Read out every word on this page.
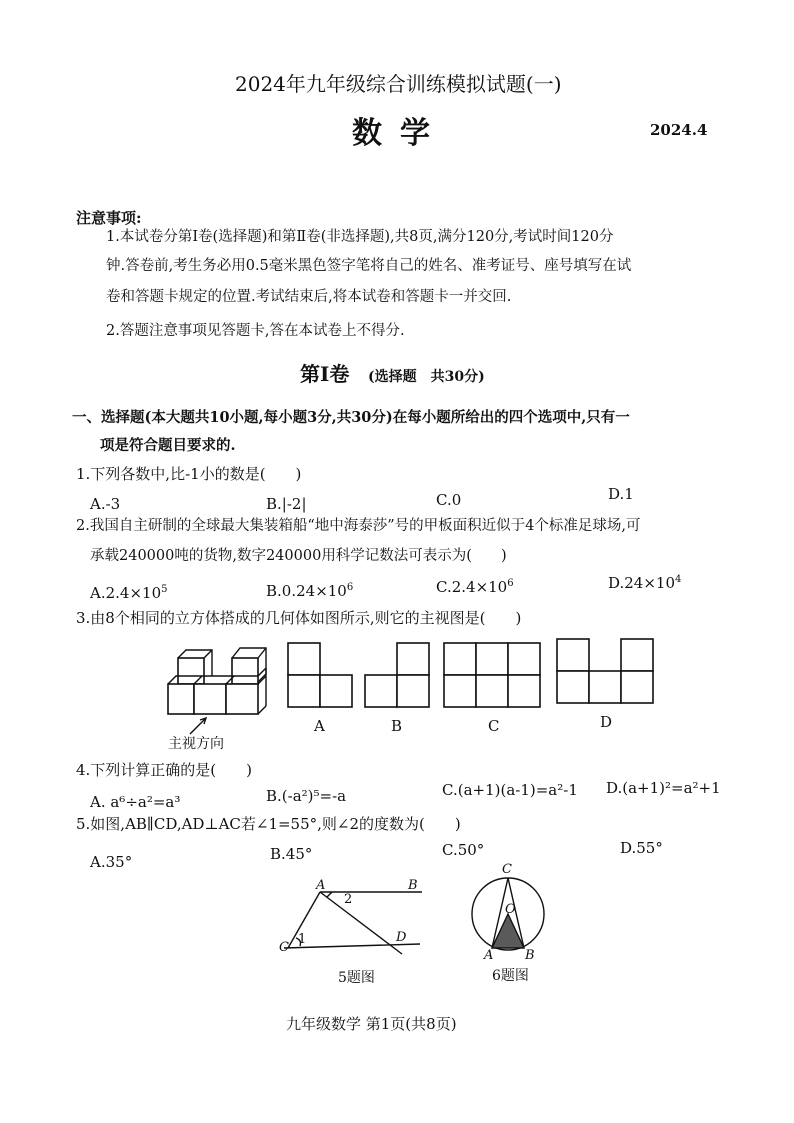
2024年九年级综合训练模拟试题(一)
数学	2024.4
注意事项:
1.本试卷分第Ⅰ卷(选择题)和第Ⅱ卷(非选择题),共8页,满分120分,考试时间120分
钟.答卷前,考生务必用0.5毫米黑色签字笔将自己的姓名、准考证号、座号填写在试
卷和答题卡规定的位置.考试结束后,将本试卷和答题卡一并交回.
2.答题注意事项见答题卡,答在本试卷上不得分.
第Ⅰ卷 (选择题　共30分)
一、选择题(本大题共10小题,每小题3分,共30分)在每小题所给出的四个选项中,只有一
项是符合题目要求的.
1.下列各数中,比-1小的数是(　　)
A.-3	B.|-2|	C.0	D.1
2.我国自主研制的全球最大集装箱船“地中海泰莎”号的甲板面积近似于4个标准足球场,可
承载240000吨的货物,数字240000用科学记数法可表示为(　　)
$A.2.4\times 10^5$	$B.0.24\times 10^6$	$C.2.4\times 10^6$	$D.24\times 10^4$
3.由8个相同的立方体搭成的几何体如图所示,则它的主视图是(　　)
主视方向
A	B	C	D
4.下列计算正确的是(　　)
A. a⁶÷a²=a³	B.(-a²)⁵=-a	C.(a+1)(a-1)=a²-1 D.(a+1)²=a²+1
5.如图,AB∥CD,AD⊥AC若∠1=55°,则∠2的度数为(　　)
A.35°	B.45°	C.50°	D.55°
A	B
C
D
1
2
5题图
C
O
A B
6题图
九年级数学 第1页(共8页)
